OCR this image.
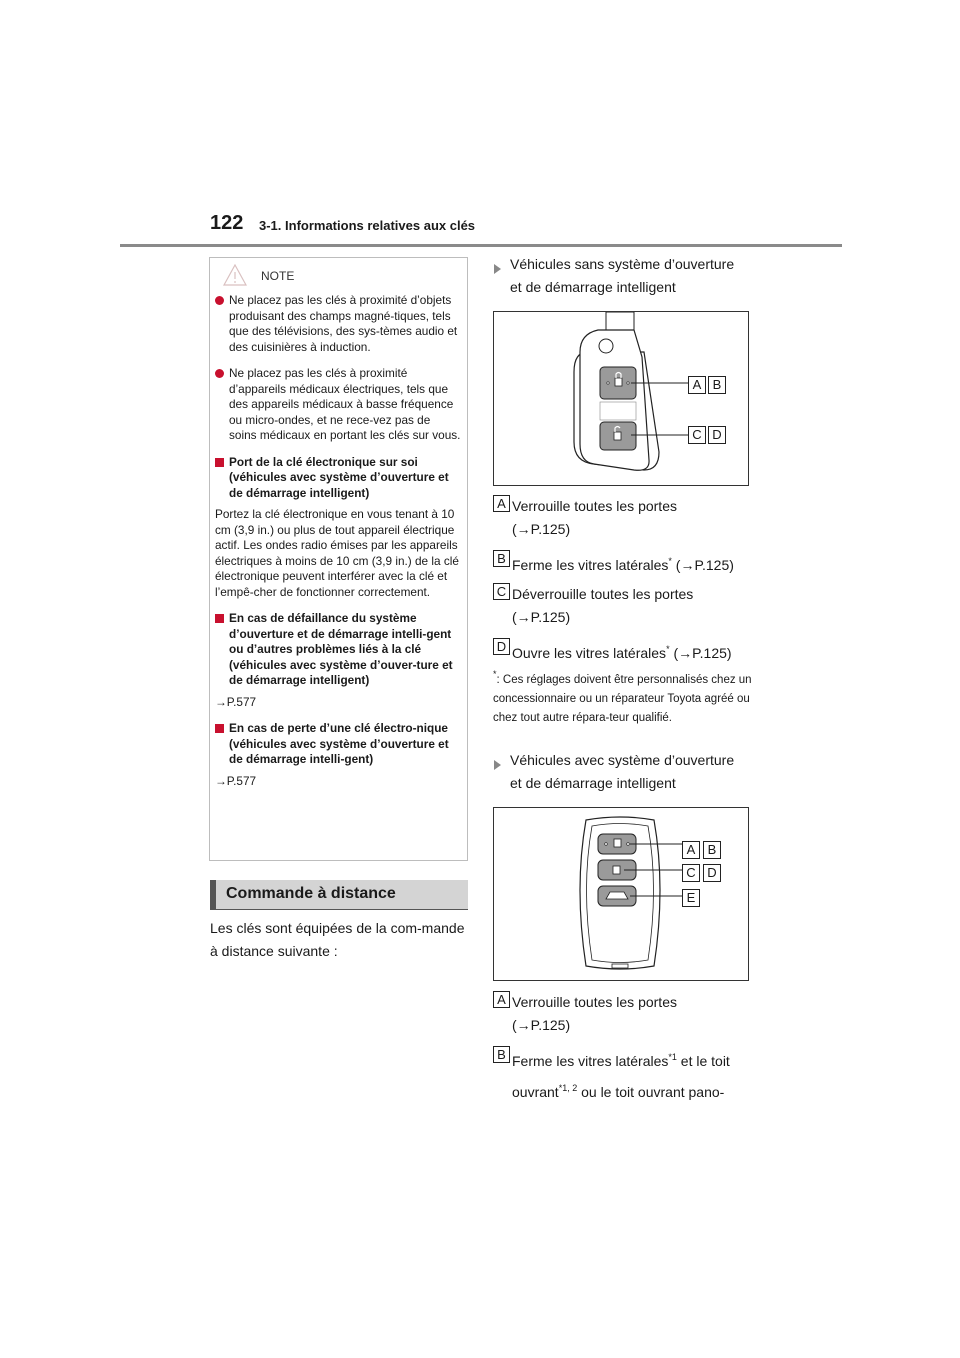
122 3-1. Informations relatives aux clés
NOTE
Ne placez pas les clés à proximité d’objets produisant des champs magné-tiques, tels que des télévisions, des sys-tèmes audio et des cuisinières à induction.
Ne placez pas les clés à proximité d’appareils médicaux électriques, tels que des appareils médicaux à basse fréquence ou micro-ondes, et ne rece-vez pas de soins médicaux en portant les clés sur vous.
Port de la clé électronique sur soi (véhicules avec système d’ouverture et de démarrage intelligent)
Portez la clé électronique en vous tenant à 10 cm (3,9 in.) ou plus de tout appareil électrique actif. Les ondes radio émises par les appareils électriques à moins de 10 cm (3,9 in.) de la clé électronique peuvent interférer avec la clé et l’empê-cher de fonctionner correctement.
En cas de défaillance du système d’ouverture et de démarrage intelli-gent ou d’autres problèmes liés à la clé (véhicules avec système d’ouver-ture et de démarrage intelligent)
→P.577
En cas de perte d’une clé électro-nique (véhicules avec système d’ouverture et de démarrage intelli-gent)
→P.577
Commande à distance
Les clés sont équipées de la com-mande à distance suivante :
Véhicules sans système d’ouverture
et de démarrage intelligent
A B
C D
A Verrouille toutes les portes
(→P.125)
B Ferme les vitres latérales* (→P.125)
C Déverrouille toutes les portes
(→P.125)
D Ouvre les vitres latérales* (→P.125)
*: Ces réglages doivent être personnalisés chez un concessionnaire ou un réparateur Toyota agréé ou chez tout autre répara-teur qualifié.
Véhicules avec système d’ouverture
et de démarrage intelligent
A B
C D
E
A Verrouille toutes les portes
(→P.125)
B Ferme les vitres latérales$^{*1}$ et le toit
ouvrant$^{*1, 2}$ ou le toit ouvrant pano-
